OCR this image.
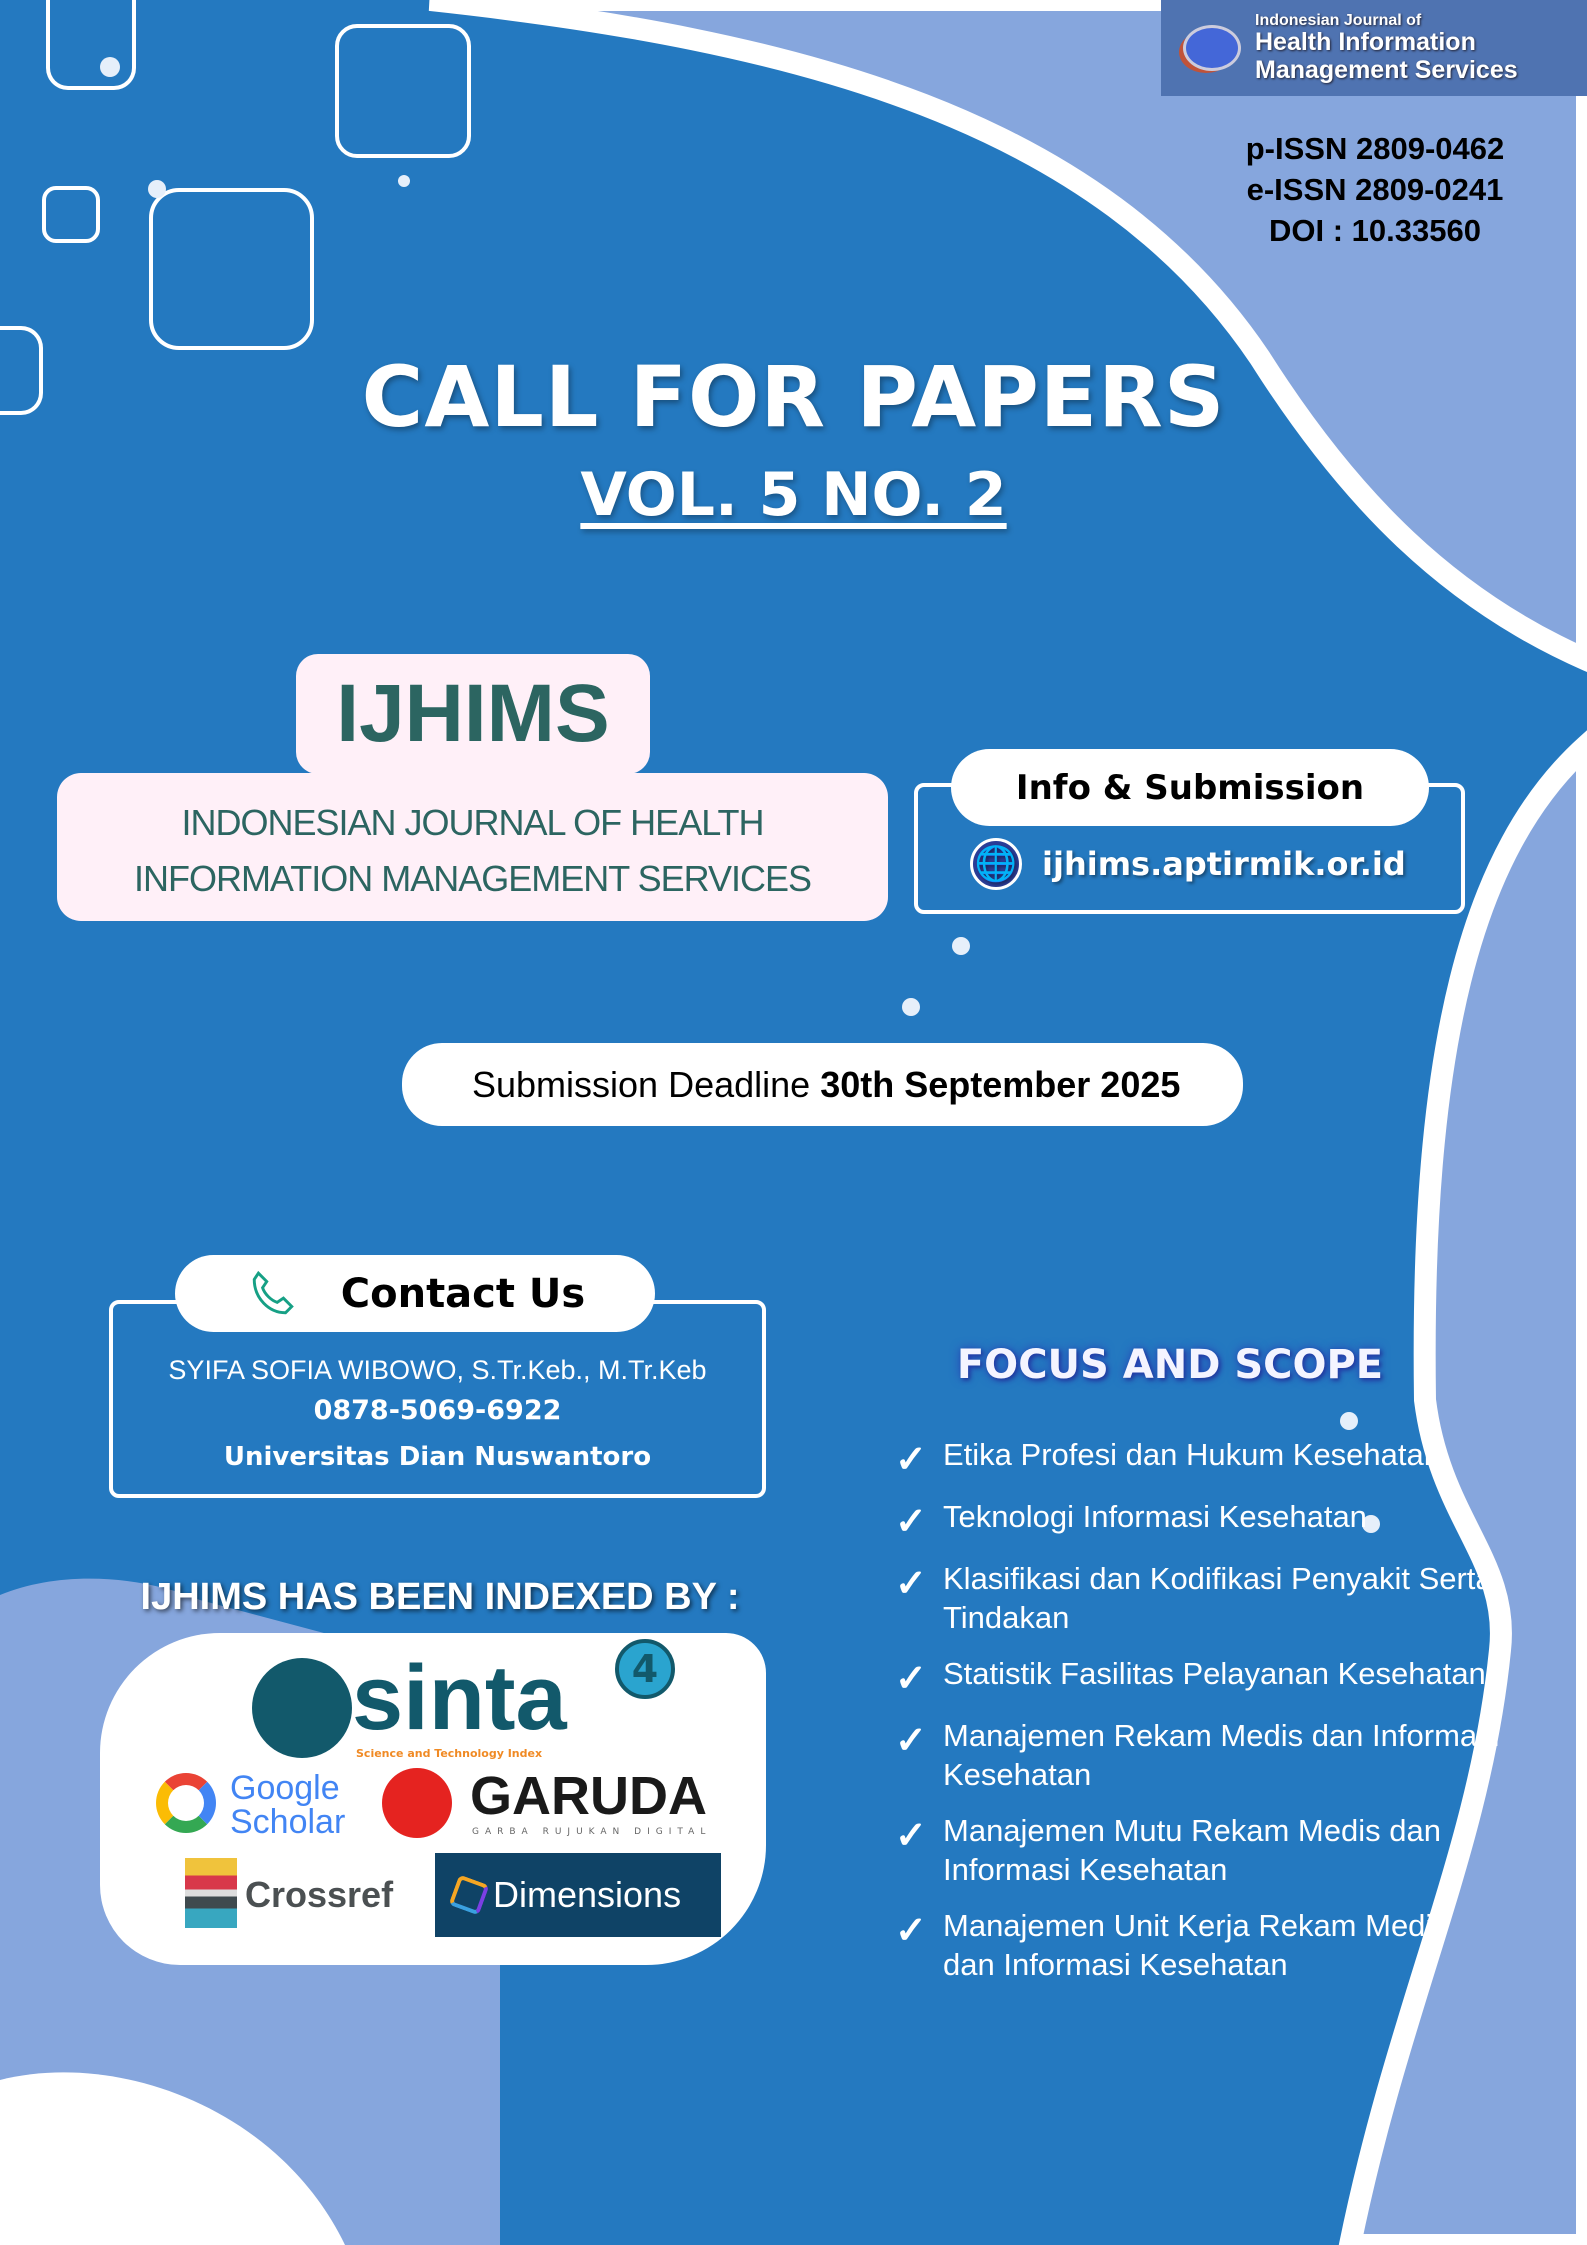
Indonesian Journal of
Health Information
Management Services
p-ISSN 2809-0462
e-ISSN 2809-0241
DOI : 10.33560
CALL FOR PAPERS
VOL. 5 NO. 2
INDONESIAN JOURNAL OF HEALTH
INFORMATION MANAGEMENT SERVICES
IJHIMS
Info & Submission
🌐 ijhims.aptirmik.or.id
Submission Deadline
30th September 2025
Contact Us
SYIFA SOFIA WIBOWO, S.Tr.Keb., M.Tr.Keb
0878-5069-6922
Universitas Dian Nuswantoro
IJHIMS HAS BEEN INDEXED BY :
sinta
Science and Technology Index
4
Google
Scholar GARUDA
GARBA RUJUKAN DIGITAL
Crossref	Dimensions
FOCUS AND SCOPE
✓ Etika Profesi dan Hukum Kesehatan
✓ Teknologi Informasi Kesehatan
✓ Klasifikasi dan Kodifikasi Penyakit Serta Tindakan
✓ Statistik Fasilitas Pelayanan Kesehatan
✓ Manajemen Rekam Medis dan Informasi Kesehatan
✓ Manajemen Mutu Rekam Medis dan Informasi Kesehatan
✓ Manajemen Unit Kerja Rekam Medis dan Informasi Kesehatan
